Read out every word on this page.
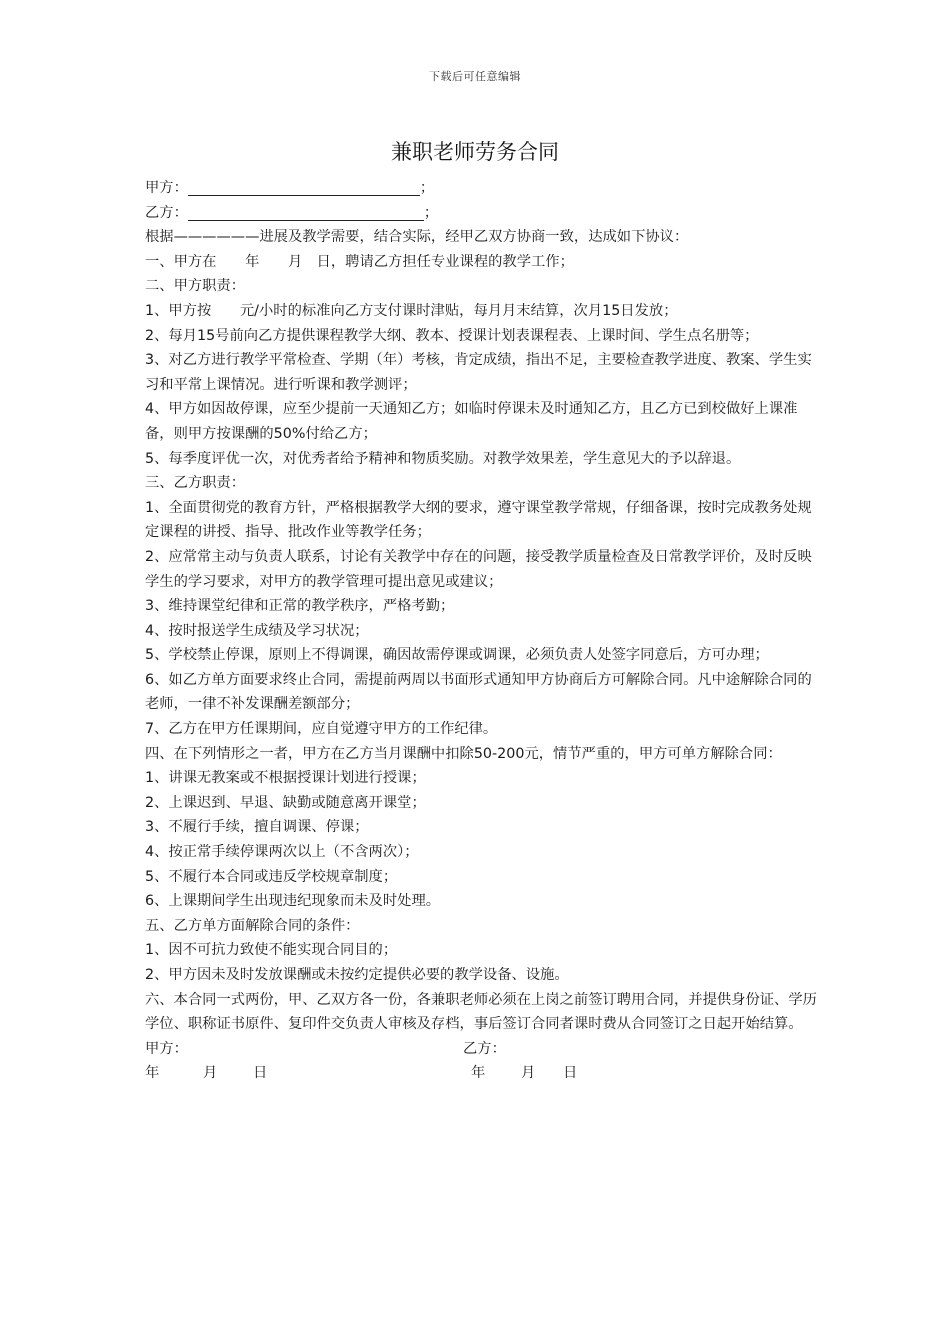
下载后可任意编辑
兼职老师劳务合同

甲方：	；

乙方：	；

根据——————进展及教学需要，结合实际，经甲乙双方协商一致，达成如下协议：

一、甲方在　　年　　月　日，聘请乙方担任专业课程的教学工作；

二、甲方职责：

1、甲方按　　元/小时的标准向乙方支付课时津贴，每月月末结算，次月15日发放；

2、每月15号前向乙方提供课程教学大纲、教本、授课计划表课程表、上课时间、学生点名册等；

3、对乙方进行教学平常检查、学期（年）考核，肯定成绩，指出不足，主要检查教学进度、教案、学生实习和平常上课情况。进行听课和教学测评；

4、甲方如因故停课，应至少提前一天通知乙方；如临时停课未及时通知乙方，且乙方已到校做好上课准备，则甲方按课酬的50%付给乙方；

5、每季度评优一次，对优秀者给予精神和物质奖励。对教学效果差，学生意见大的予以辞退。

三、乙方职责：

1、全面贯彻党的教育方针，严格根据教学大纲的要求，遵守课堂教学常规，仔细备课，按时完成教务处规定课程的讲授、指导、批改作业等教学任务；

2、应常常主动与负责人联系，讨论有关教学中存在的问题，接受教学质量检查及日常教学评价，及时反映学生的学习要求，对甲方的教学管理可提出意见或建议；

3、维持课堂纪律和正常的教学秩序，严格考勤；

4、按时报送学生成绩及学习状况；

5、学校禁止停课，原则上不得调课，确因故需停课或调课，必须负责人处签字同意后，方可办理；

6、如乙方单方面要求终止合同，需提前两周以书面形式通知甲方协商后方可解除合同。凡中途解除合同的老师，一律不补发课酬差额部分；

7、乙方在甲方任课期间，应自觉遵守甲方的工作纪律。

四、在下列情形之一者，甲方在乙方当月课酬中扣除50-200元，情节严重的，甲方可单方解除合同：

1、讲课无教案或不根据授课计划进行授课；

2、上课迟到、早退、缺勤或随意离开课堂；

3、不履行手续，擅自调课、停课；

4、按正常手续停课两次以上（不含两次）；

5、不履行本合同或违反学校规章制度；

6、上课期间学生出现违纪现象而未及时处理。

五、乙方单方面解除合同的条件：

1、因不可抗力致使不能实现合同目的；

2、甲方因未及时发放课酬或未按约定提供必要的教学设备、设施。

六、本合同一式两份，甲、乙双方各一份，各兼职老师必须在上岗之前签订聘用合同，并提供身份证、学历学位、职称证书原件、复印件交负责人审核及存档，事后签订合同者课时费从合同签订之日起开始结算。

甲方：	乙方：
年	月 日	年 月 日
